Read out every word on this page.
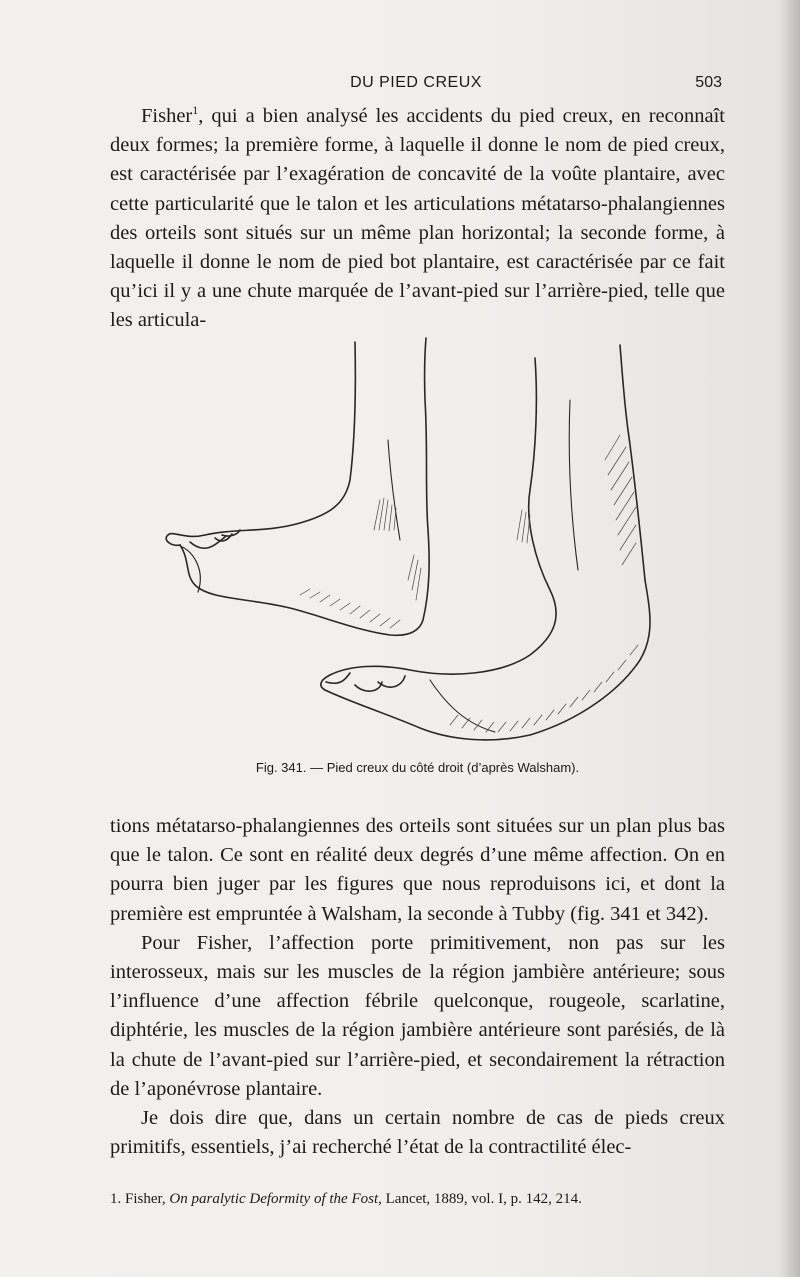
DU PIED CREUX	503

Fisher$^1$, qui a bien analysé les accidents du pied creux, en reconnaît deux formes; la première forme, à laquelle il donne le nom de pied creux, est caractérisée par l’exagération de concavité de la voûte plantaire, avec cette particularité que le talon et les articulations métatarso-phalangiennes des orteils sont situés sur un même plan horizontal; la seconde forme, à laquelle il donne le nom de pied bot plantaire, est caractérisée par ce fait qu’ici il y a une chute marquée de l’avant-pied sur l’arrière-pied, telle que les articula-

Fig. 341. — Pied creux du côté droit (d’après Walsham).

tions métatarso-phalangiennes des orteils sont situées sur un plan plus bas que le talon. Ce sont en réalité deux degrés d’une même affection. On en pourra bien juger par les figures que nous reproduisons ici, et dont la première est empruntée à Walsham, la seconde à Tubby (fig. 341 et 342).

Pour Fisher, l’affection porte primitivement, non pas sur les interosseux, mais sur les muscles de la région jambière antérieure; sous l’influence d’une affection fébrile quelconque, rougeole, scarlatine, diphtérie, les muscles de la région jambière antérieure sont parésiés, de là la chute de l’avant-pied sur l’arrière-pied, et secondairement la rétraction de l’aponévrose plantaire.

Je dois dire que, dans un certain nombre de cas de pieds creux primitifs, essentiels, j’ai recherché l’état de la contractilité élec-

1. Fisher, On paralytic Deformity of the Fost, Lancet, 1889, vol. I, p. 142, 214.
